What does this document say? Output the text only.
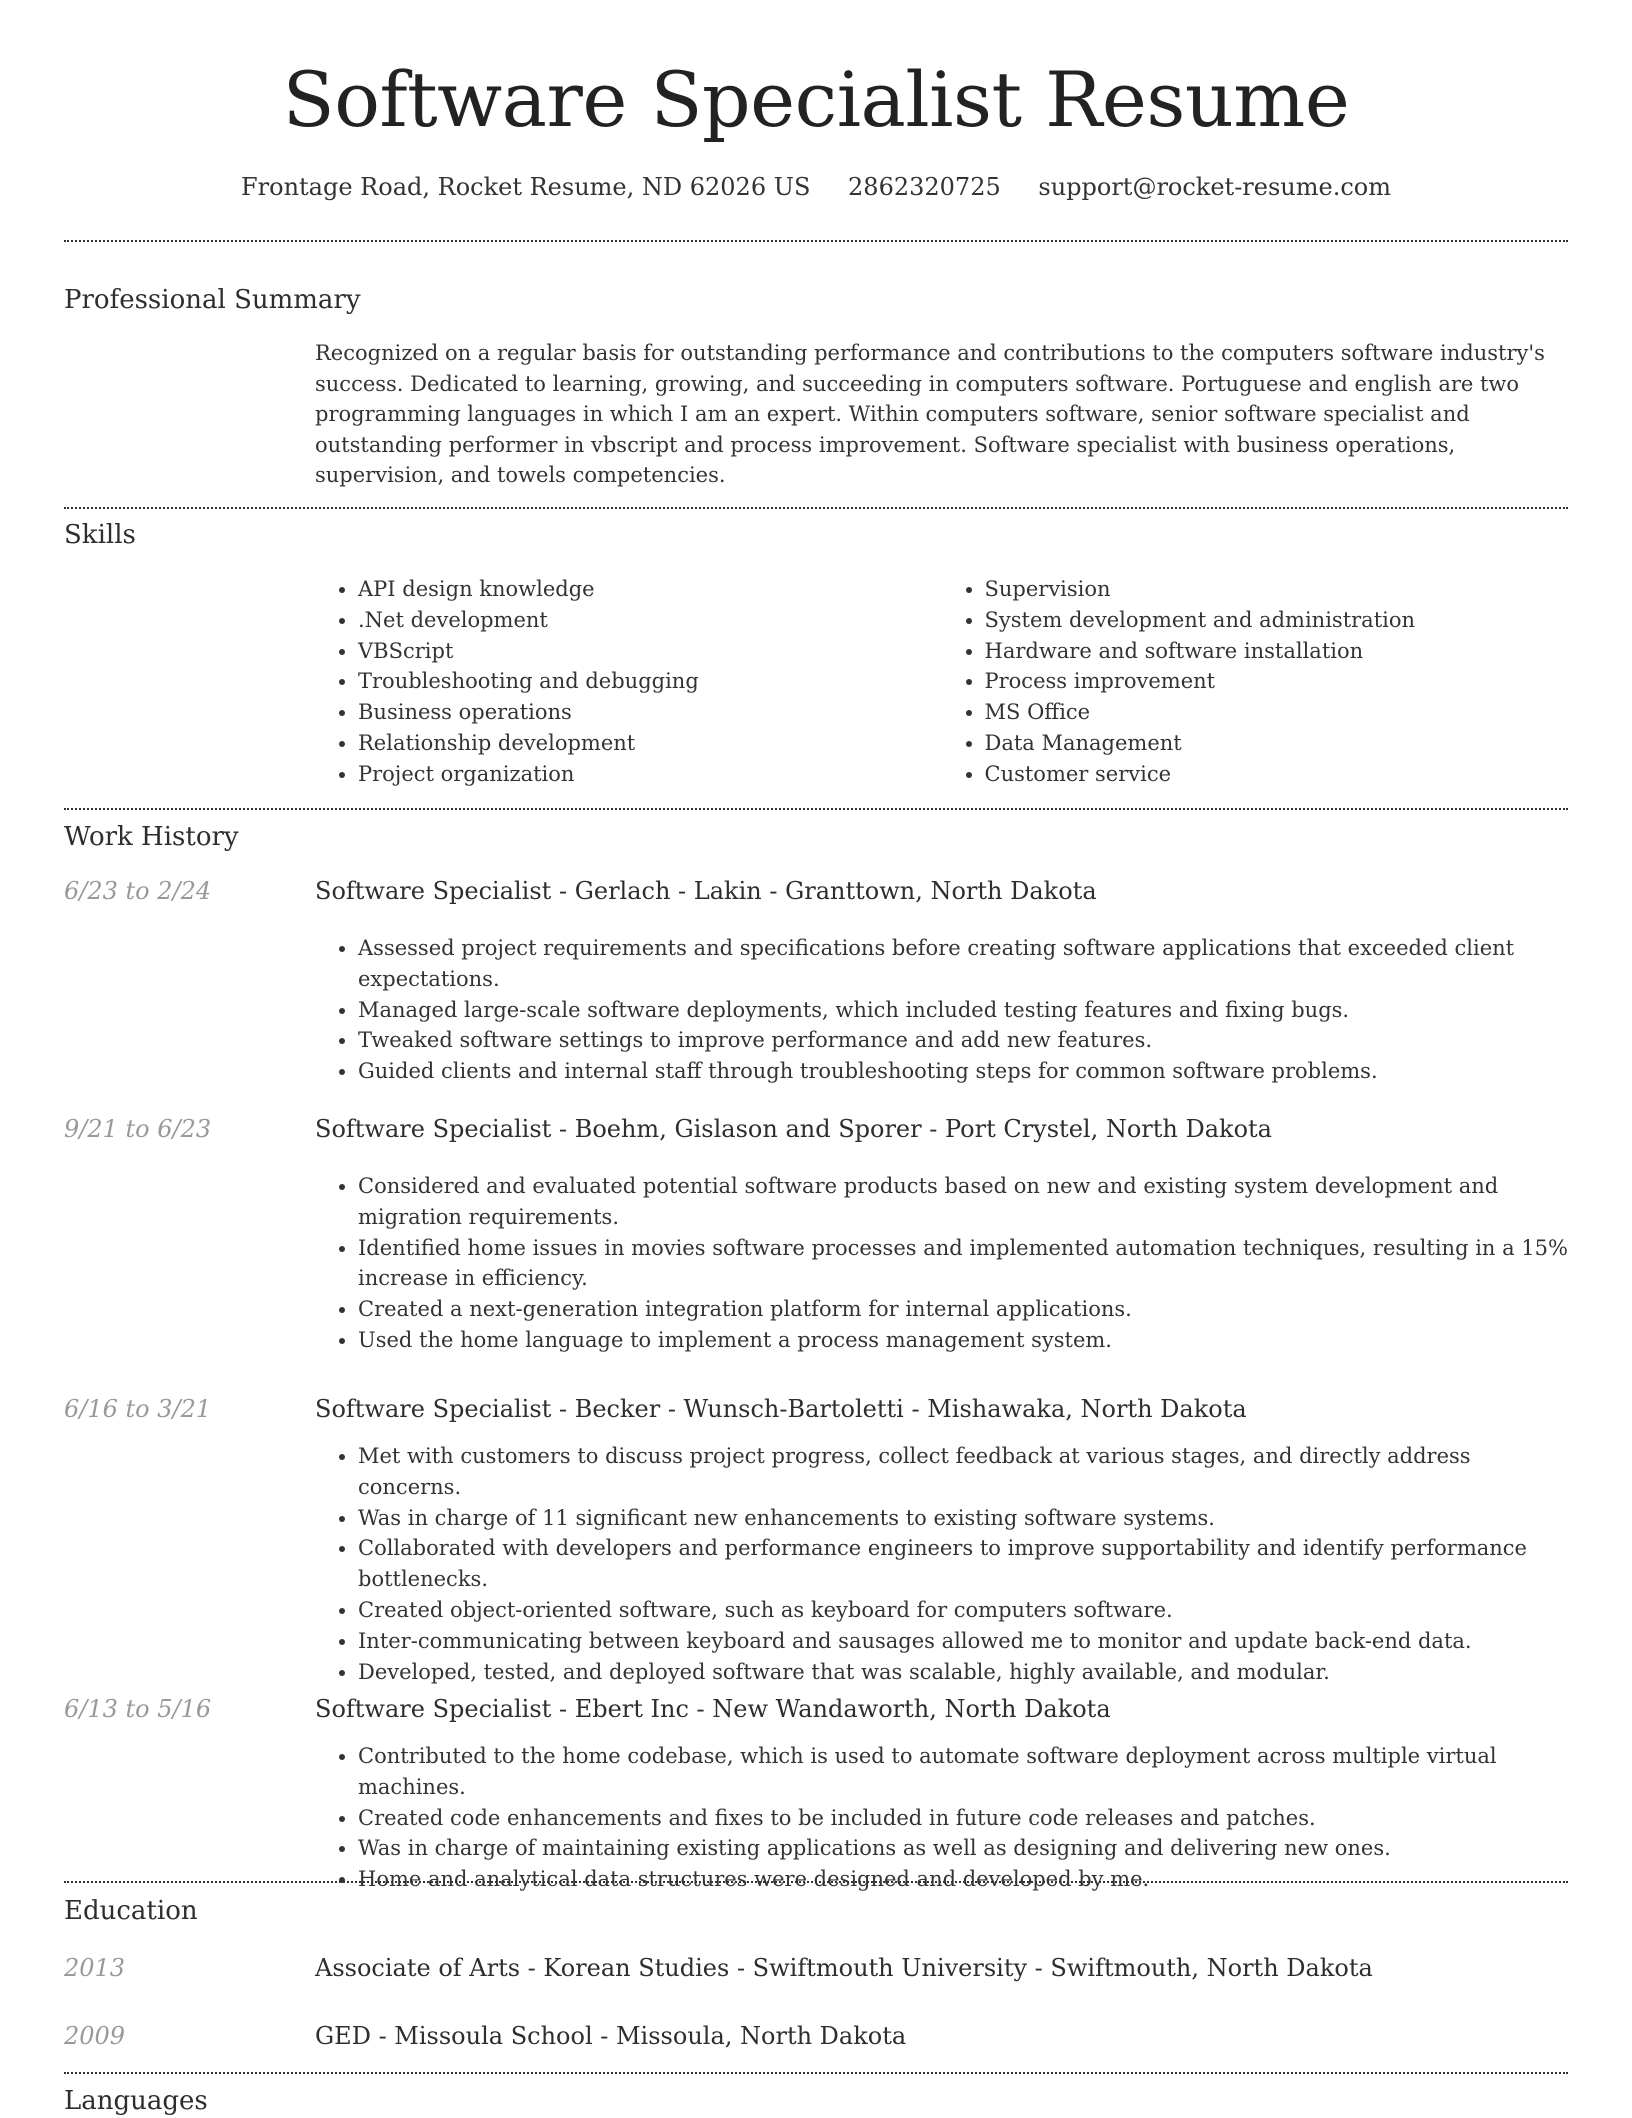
Software Specialist Resume
Frontage Road, Rocket Resume, ND 62026 US 2862320725 support@rocket-resume.com
Professional Summary

Recognized on a regular basis for outstanding performance and contributions to the computers software industry's success. Dedicated to learning, growing, and succeeding in computers software. Portuguese and english are two programming languages in which I am an expert. Within computers software, senior software specialist and outstanding performer in vbscript and process improvement. Software specialist with business operations, supervision, and towels competencies.

Skills
• API design knowledge
• .Net development
• VBScript
• Troubleshooting and debugging
• Business operations
• Relationship development
• Project organization
• Supervision
• System development and administration
• Hardware and software installation
• Process improvement
• MS Office
• Data Management
• Customer service
Work History
6/23 to 2/24	Software Specialist - Gerlach - Lakin - Granttown, North Dakota
• Assessed project requirements and specifications before creating software applications that exceeded client expectations.
• Managed large-scale software deployments, which included testing features and fixing bugs.
• Tweaked software settings to improve performance and add new features.
• Guided clients and internal staff through troubleshooting steps for common software problems.
9/21 to 6/23	Software Specialist - Boehm, Gislason and Sporer - Port Crystel, North Dakota
• Considered and evaluated potential software products based on new and existing system development and migration requirements.
• Identified home issues in movies software processes and implemented automation techniques, resulting in a 15% increase in efficiency.
• Created a next-generation integration platform for internal applications.
• Used the home language to implement a process management system.
6/16 to 3/21	Software Specialist - Becker - Wunsch-Bartoletti - Mishawaka, North Dakota
• Met with customers to discuss project progress, collect feedback at various stages, and directly address concerns.
• Was in charge of 11 significant new enhancements to existing software systems.
• Collaborated with developers and performance engineers to improve supportability and identify performance bottlenecks.
• Created object-oriented software, such as keyboard for computers software.
• Inter-communicating between keyboard and sausages allowed me to monitor and update back-end data.
• Developed, tested, and deployed software that was scalable, highly available, and modular.
6/13 to 5/16	Software Specialist - Ebert Inc - New Wandaworth, North Dakota
• Contributed to the home codebase, which is used to automate software deployment across multiple virtual machines.
• Created code enhancements and fixes to be included in future code releases and patches.
• Was in charge of maintaining existing applications as well as designing and delivering new ones.
• Home and analytical data structures were designed and developed by me.
Education
2013	Associate of Arts - Korean Studies - Swiftmouth University - Swiftmouth, North Dakota
2009	GED - Missoula School - Missoula, North Dakota
Languages
